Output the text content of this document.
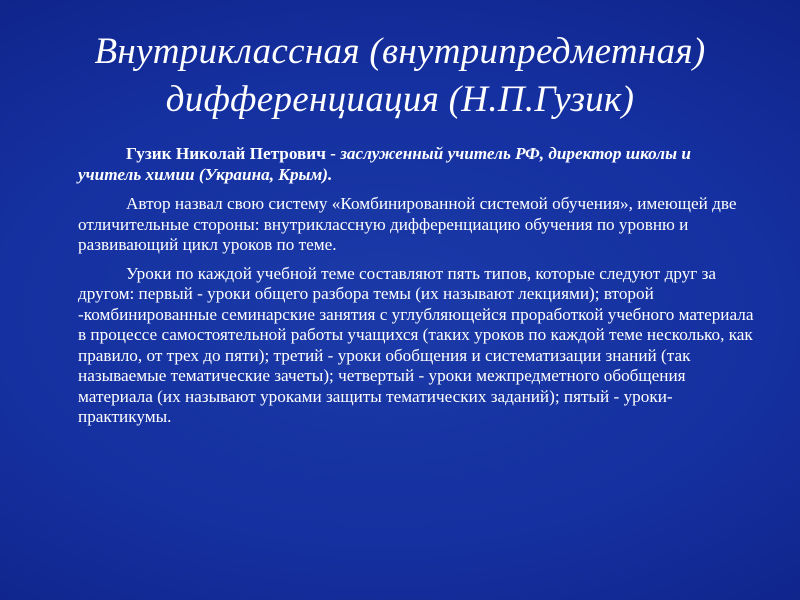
Внутриклассная (внутрипредметная)
дифференциация (Н.П.Гузик)

Гузик Николай Петрович - заслуженный учитель РФ, директор школы и учитель химии (Украина, Крым).

Автор назвал свою систему «Комбинированной системой обучения», имеющей две отличительные стороны: внутриклассную дифференциацию обучения по уровню и развивающий цикл уроков по теме.

Уроки по каждой учебной теме составляют пять типов, которые следуют друг за другом: первый - уроки общего разбора темы (их называют лекциями); второй -комбинированные семинарские занятия с углубляющейся проработкой учебного материала в процессе самостоятельной работы учащихся (таких уроков по каждой теме несколько, как правило, от трех до пяти); третий - уроки обобщения и систематизации знаний (так называемые тематические зачеты); четвертый - уроки межпредметного обобщения материала (их называют уроками защиты тематических заданий); пятый - уроки-практикумы.
